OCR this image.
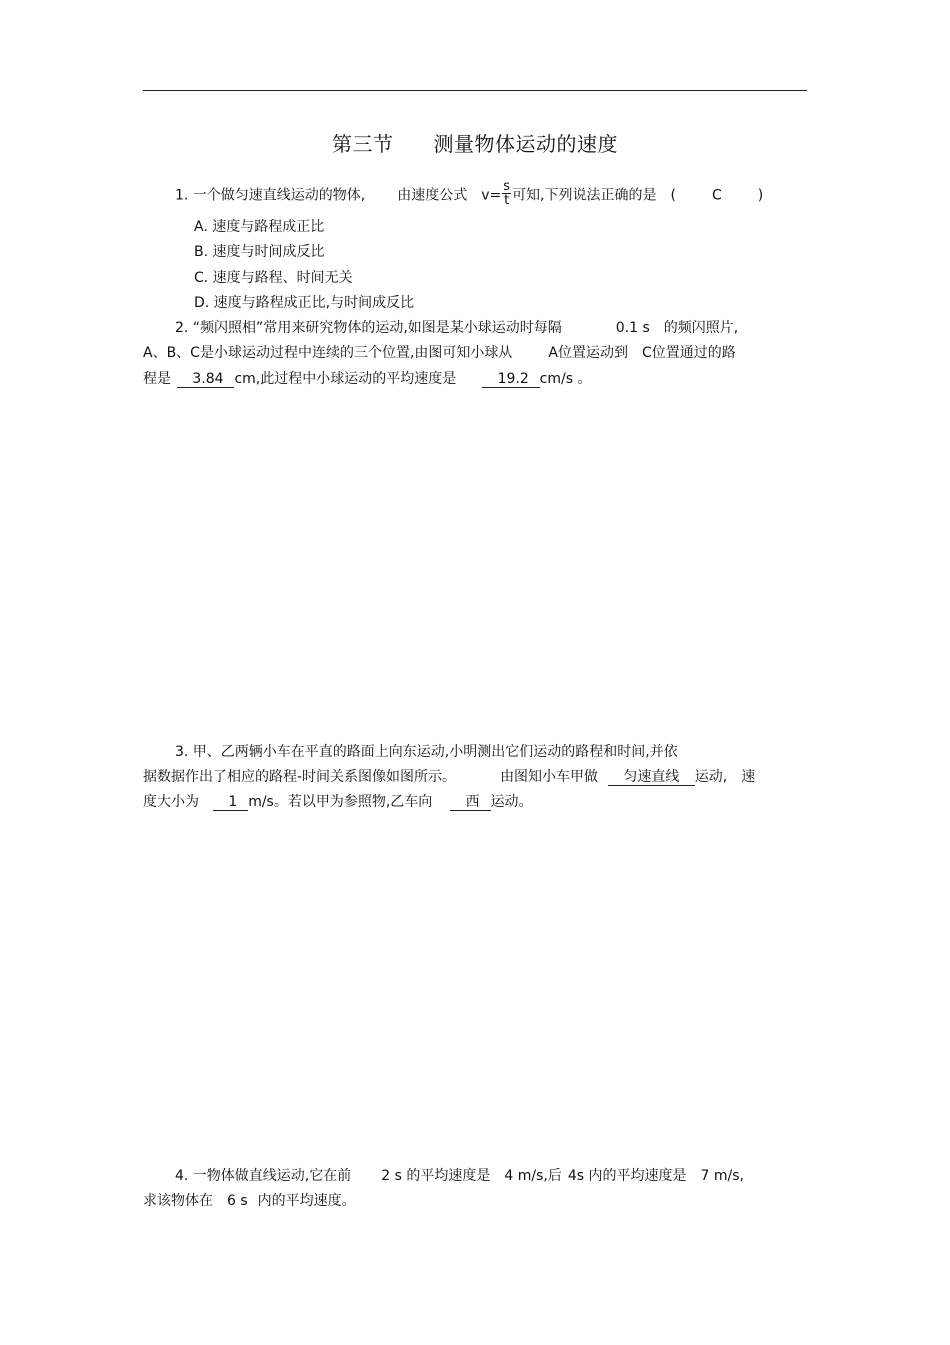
第三节 测量物体运动的速度
1. 一个做匀速直线运动的物体, 由速度公式 $v= \frac{s}{t}$ 可知,下列说法正确的是 (	C	)
A. 速度与路程成正比
B. 速度与时间成反比
C. 速度与路程、时间无关
D. 速度与路程成正比,与时间成反比
2. “频闪照相”常用来研究物体的运动,如图是某小球运动时每隔	0.1 s 的频闪照片,
A、B、C是小球运动过程中连续的三个位置,由图可知小球从	A位置运动到 C位置通过的路
程是 3.84 cm,此过程中小球运动的平均速度是	19.2 cm/s 。
3. 甲、乙两辆小车在平直的路面上向东运动,小明测出它们运动的路程和时间,并依
据数据作出了相应的路程-时间关系图像如图所示。	由图知小车甲做 匀速直线 运动, 速
度大小为 1 m/s。若以甲为参照物,乙车向 西 运动。
4. 一物体做直线运动,它在前 2 s 的平均速度是 4 m/s,后 4s 内的平均速度是 7 m/s,
求该物体在 6 s 内的平均速度。
